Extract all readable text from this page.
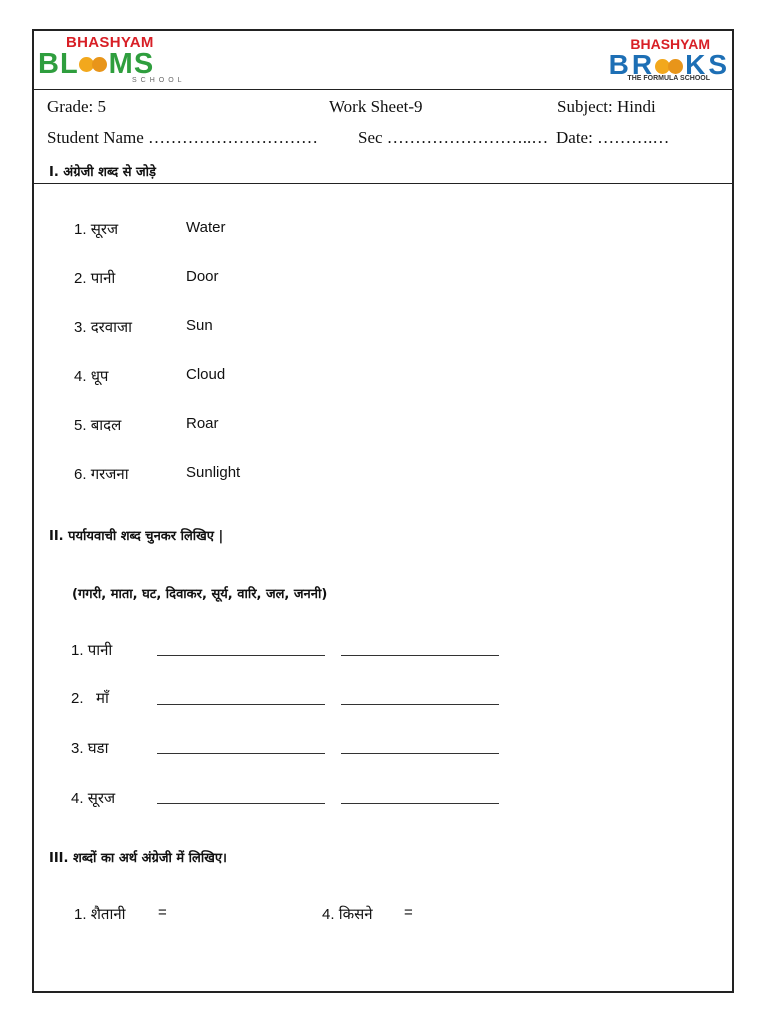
BHASHYAM
BL MS
SCHOOL
BHASHYAM
BR KS
THE FORMULA SCHOOL
Grade: 5	Work Sheet-9	Subject: Hindi
Student Name ………………………… Sec ……………………..… Date: ……….…
I. अंग्रेजी शब्द से जोड़े
1. सूरज	Water
2. पानी	Door
3. दरवाजा	Sun
4. धूप	Cloud
5. बादल	Roar
6. गरजना	Sunlight
II. पर्यायवाची शब्द चुनकर लिखिए |
(गगरी, माता, घट, दिवाकर, सूर्य, वारि, जल, जननी)
1. पानी
2. माँ
3. घडा
4. सूरज
III. शब्दों का अर्थ अंग्रेजी में लिखिए।
1. शैतानी =	4. किसने =
